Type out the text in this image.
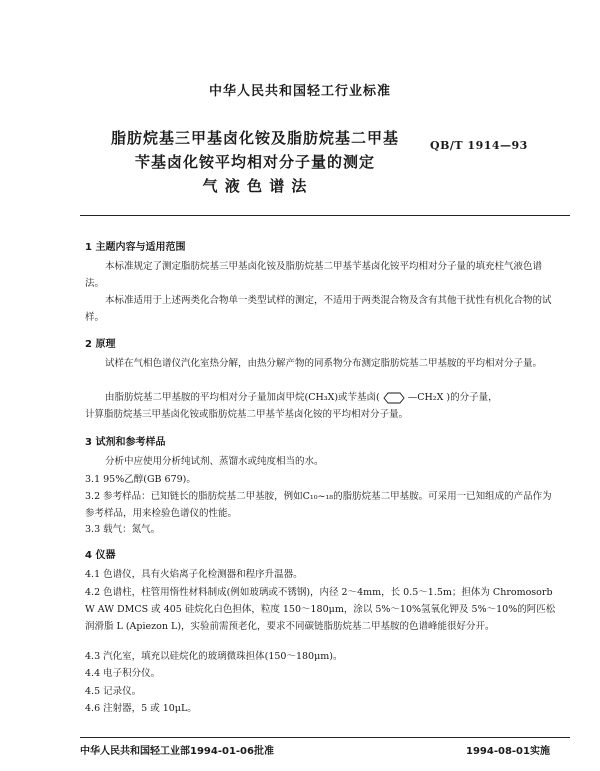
中华人民共和国轻工行业标准
脂肪烷基三甲基卤化铵及脂肪烷基二甲基
苄基卤化铵平均相对分子量的测定
气 液 色 谱 法
QB/T 1914—93
1 主题内容与适用范围
本标准规定了测定脂肪烷基三甲基卤化铵及脂肪烷基二甲基苄基卤化铵平均相对分子量的填充柱气液色谱法。
本标准适用于上述两类化合物单一类型试样的测定，不适用于两类混合物及含有其他干扰性有机化合物的试样。
2 原理
试样在气相色谱仪汽化室热分解，由热分解产物的同系物分布测定脂肪烷基二甲基胺的平均相对分子量。
由脂肪烷基二甲基胺的平均相对分子量加卤甲烷(CH₃X)或苄基卤(	—CH₂X )的分子量，
计算脂肪烷基三甲基卤化铵或脂肪烷基二甲基苄基卤化铵的平均相对分子量。
3 试剂和参考样品
分析中应使用分析纯试剂、蒸馏水或纯度相当的水。
3.1 95%乙醇(GB 679)。
3.2 参考样品：已知链长的脂肪烷基二甲基胺，例如C₁₀~₁₈的脂肪烷基二甲基胺。可采用一已知组成的产品作为参考样品，用来检验色谱仪的性能。
3.3 载气：氮气。
4 仪器
4.1 色谱仪，具有火焰离子化检测器和程序升温器。
4.2 色谱柱，柱管用惰性材料制成(例如玻璃或不锈钢)，内径 2～4mm，长 0.5～1.5m；担体为 Chromosorb W AW DMCS 或 405 硅烷化白色担体，粒度 150～180μm，涂以 5%～10%氢氧化钾及 5%～10%的阿匹松润滑脂 L (Apiezon L)，实验前需预老化，要求不同碳链脂肪烷基二甲基胺的色谱峰能很好分开。
4.3 汽化室，填充以硅烷化的玻璃微珠担体(150～180μm)。
4.4 电子积分仪。
4.5 记录仪。
4.6 注射器，5 或 10μL。
中华人民共和国轻工业部1994-01-06批准	1994-08-01实施
